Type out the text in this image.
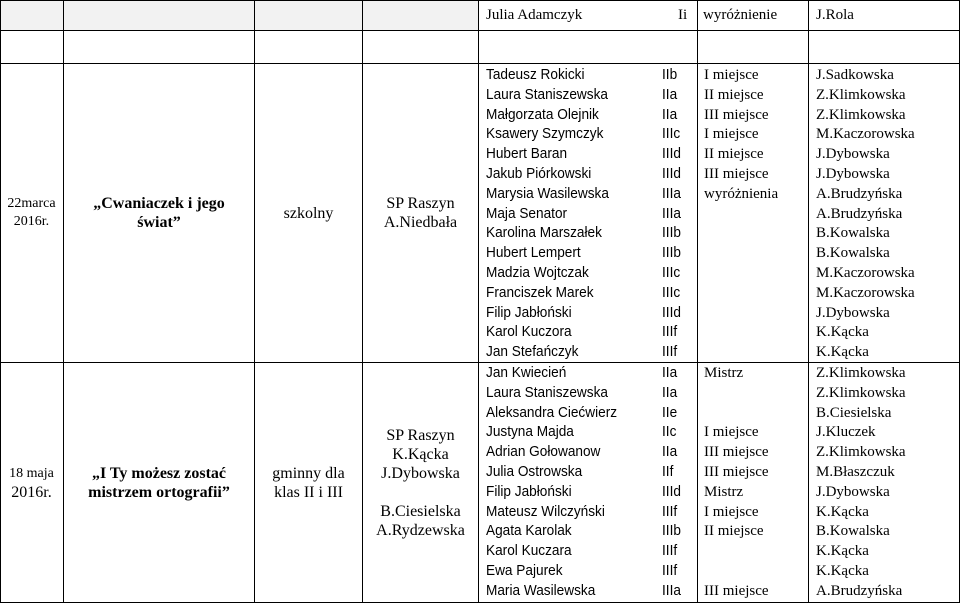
Julia Adamczyk	Ii wyróżnienie	J.Rola
22marca
2016r.
„Cwaniaczek i jego świat”
szkolny
SP Raszyn
A.Niedbała
Tadeusz Rokicki
Laura Staniszewska
Małgorzata Olejnik
Ksawery Szymczyk
Hubert Baran
Jakub Piórkowski
Marysia Wasilewska
Maja Senator
Karolina Marszałek
Hubert Lempert
Madzia Wojtczak
Franciszek Marek
Filip Jabłoński
Karol Kuczora
Jan Stefańczyk
IIb
IIa
IIa
IIIc
IIId
IIId
IIIa
IIIa
IIIb
IIIb
IIIc
IIIc
IIId
IIIf
IIIf
I miejsce
II miejsce
III miejsce
I miejsce
II miejsce
III miejsce
wyróżnienia
J.Sadkowska
Z.Klimkowska
Z.Klimkowska
M.Kaczorowska
J.Dybowska
J.Dybowska
A.Brudzyńska
A.Brudzyńska
B.Kowalska
B.Kowalska
M.Kaczorowska
M.Kaczorowska
J.Dybowska
K.Kącka
K.Kącka
18 maja
2016r.
„I Ty możesz zostać mistrzem ortografii”
gminny dla klas II i III
SP Raszyn
K.Kącka
J.Dybowska
B.Ciesielska
A.Rydzewska
Jan Kwiecień
Laura Staniszewska
Aleksandra Ciećwierz
Justyna Majda
Adrian Gołowanow
Julia Ostrowska
Filip Jabłoński
Mateusz Wilczyński
Agata Karolak
Karol Kuczara
Ewa Pajurek
Maria Wasilewska
IIa
IIa
IIe
IIc
IIa
IIf
IIId
IIIf
IIIb
IIIf
IIIf
IIIa
Mistrz
I miejsce
III miejsce
III miejsce
Mistrz
I miejsce
II miejsce
III miejsce
Z.Klimkowska
Z.Klimkowska
B.Ciesielska
J.Kluczek
Z.Klimkowska
M.Błaszczuk
J.Dybowska
K.Kącka
B.Kowalska
K.Kącka
K.Kącka
A.Brudzyńska
